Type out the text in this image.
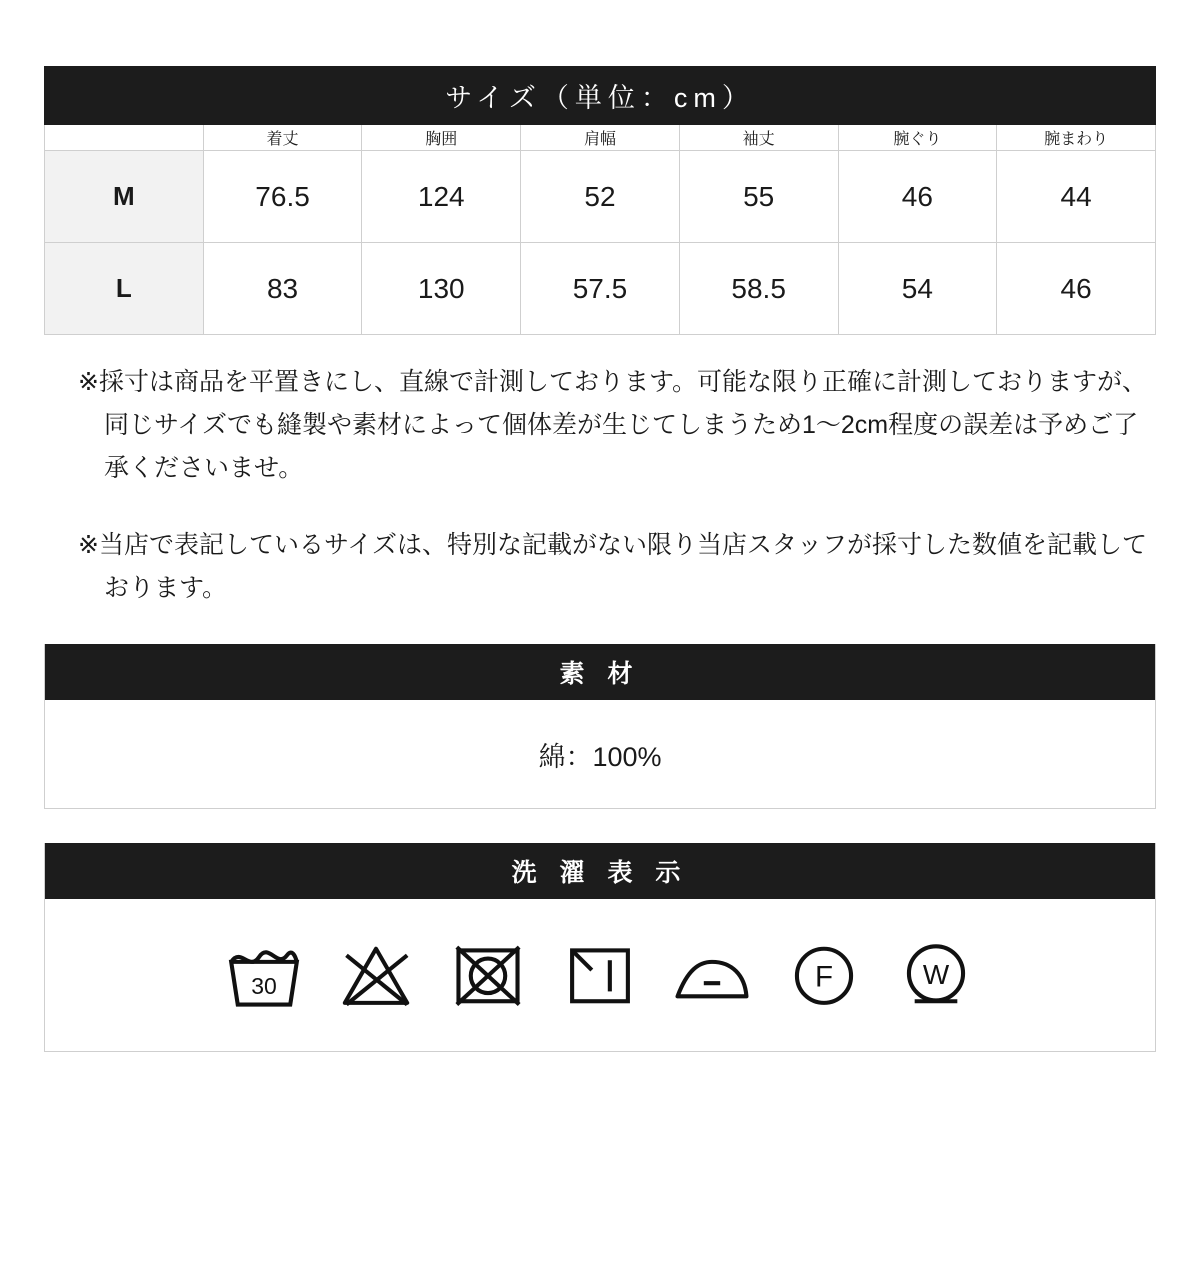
サイズ（単位：cm）						
	着丈	胸囲	肩幅	袖丈	腕ぐり	腕まわり
M	76.5	124	52	55	46	44
L	83	130	57.5	58.5	54	46

※採寸は商品を平置きにし、直線で計測しております。可能な限り正確に計測しておりますが、同じサイズでも縫製や素材によって個体差が生じてしまうため1〜2cm程度の誤差は予めご了承くださいませ。

※当店で表記しているサイズは、特別な記載がない限り当店スタッフが採寸した数値を記載しております。

素 材
綿：100%
洗 濯 表 示
30	F	W
